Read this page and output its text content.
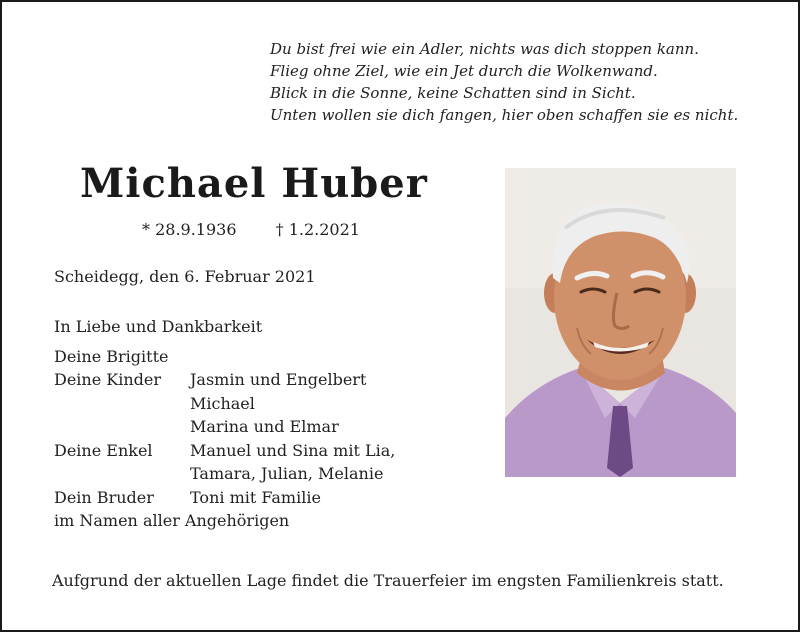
Du bist frei wie ein Adler, nichts was dich stoppen kann.
Flieg ohne Ziel, wie ein Jet durch die Wolkenwand.
Blick in die Sonne, keine Schatten sind in Sicht.
Unten wollen sie dich fangen, hier oben schaffen sie es nicht.
Michael Huber
* 28.9.1936 † 1.2.2021
Scheidegg, den 6. Februar 2021
In Liebe und Dankbarkeit
Deine Brigitte
Deine Kinder	Jasmin und Engelbert
Michael
Marina und Elmar
Deine Enkel	Manuel und Sina mit Lia,
Tamara, Julian, Melanie
Dein Bruder	Toni mit Familie
im Namen aller Angehörigen
Aufgrund der aktuellen Lage findet die Trauerfeier im engsten Familienkreis statt.
